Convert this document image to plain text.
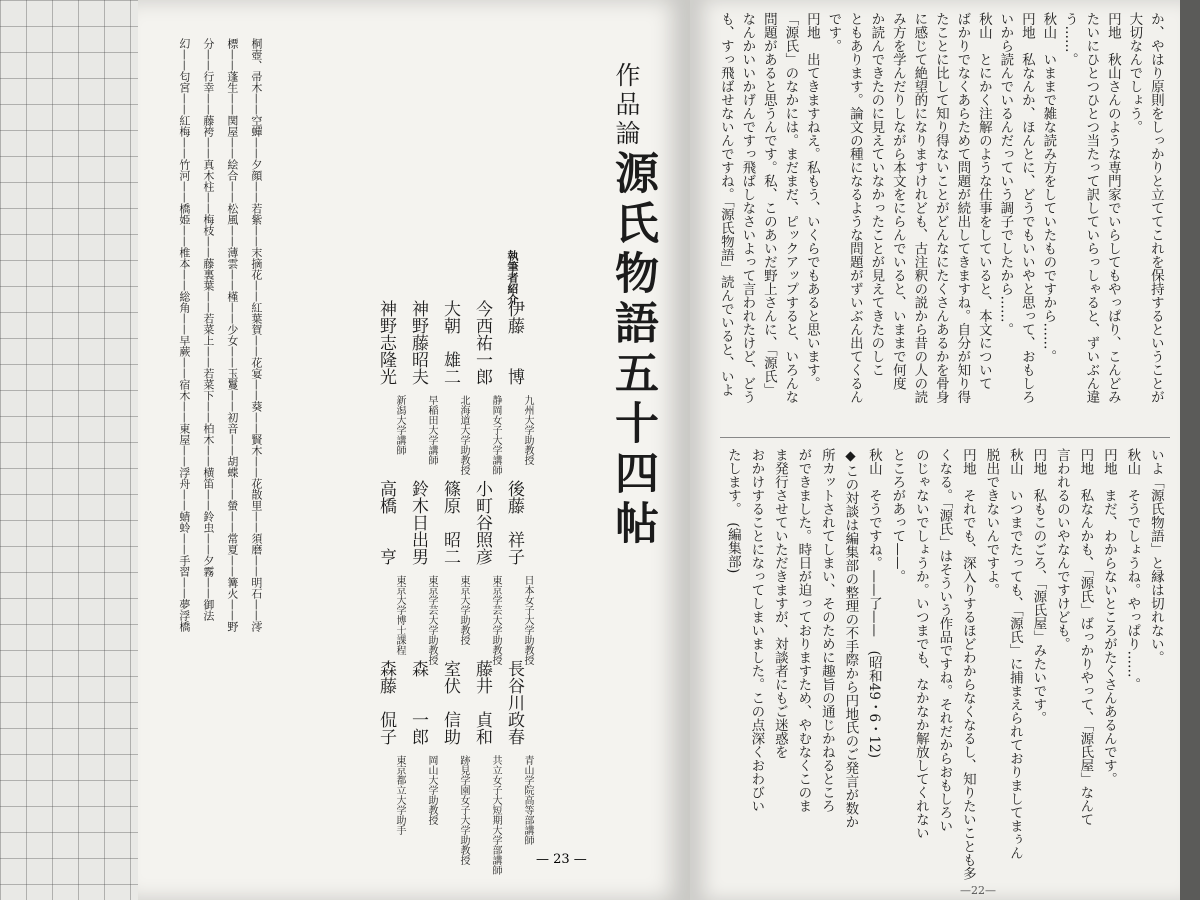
作品論
源氏物語五十四帖
執筆者紹介
伊藤　　博
九州大学助教授
後藤　祥子
日本女子大学助教授
長谷川政春
青山学院高等部講師
今西祐一郎
静岡女子大学講師
小町谷照彦
東京学芸大学助教授
藤井　貞和
共立女子大短期大学部講師
大朝　雄二
北海道大学助教授
篠原　昭二
東京大学助教授
室伏　信助
跡見学園女子大学助教授
神野藤昭夫
早稲田大学講師
鈴木日出男
東京学芸大学助教授
森　　一郎
岡山大学助教授
神野志隆光
新潟大学講師
高橋　　亨
東京大学博士課程
森藤　侃子
東京都立大学助手
桐壺、帚木——空蟬——夕顔——若紫——末摘花——紅葉賀——花宴——葵——賢木——花散里——須磨——明石——澪
標——蓬生——関屋——絵合——松風——薄雲——槿——少女——玉鬘——初音——胡蝶——螢——常夏——篝火——野
分——行幸——藤袴——真木柱——梅枝——藤裏葉——若菜上——若菜下——柏木——横笛——鈴虫——夕霧——御法
幻——匂宮——紅梅——竹河——橋姫——椎本——総角——早蕨——宿木——東屋——浮舟——蜻蛉——手習——夢浮橋
— 23 —
か、やはり原則をしっかりと立ててこれを保持するということが
大切なんでしょう。
円地　秋山さんのような専門家でいらしてもやっぱり、こんどみ
たいにひとつひとつ当たって訳していらっしゃると、ずいぶん違
う……。
秋山　いままで雑な読み方をしていたものですから……。
円地　私なんか、ほんとに、どうでもいいやと思って、おもしろ
いから読んでいるんだっていう調子でしたから……。
秋山　とにかく注解のような仕事をしていると、本文について
ばかりでなくあらためて問題が続出してきますね。自分が知り得
たことに比して知り得ないことがどんなにたくさんあるかを骨身
に感じて絶望的になりますけれども、古注釈の説から昔の人の読
み方を学んだりしながら本文をにらんでいると、いままで何度
か読んできたのに見えていなかったことが見えてきたのしこ
ともあります。論文の種になるような問題がずいぶん出てくるん
です。
円地　出てきますねえ。私もう、いくらでもあると思います。
「源氏」のなかには。まだまだ、ピックアップすると、いろんな
問題があると思うんです。私、このあいだ野上さんに、「源氏」
なんかいいかげんですっ飛ばしなさいよって言われたけど、どう
も、すっ飛ばせないんですね。「源氏物語」読んでいると、いよ
いよ「源氏物語」と縁は切れない。
秋山　そうでしょうね。やっぱり……。
円地　まだ、わからないところがたくさんあるんです。
円地　私なんかも、「源氏」ばっかりやって、「源氏屋」なんて
言われるのいやなんですけども。
円地　私もこのごろ、「源氏屋」みたいです。
秋山　いつまでたっても、「源氏」に捕まえられておりましてまぅん
脱出できないんですよ。
円地　それでも、深入りするほどわからなくなるし、知りたいことも多
くなる。「源氏」はそういう作品ですね。それだからおもしろい
のじゃないでしょうか。いつまでも、なかなか解放してくれない
ところがあって——。
秋山　そうですね。——了——　(昭和49・6・12)
◆この対談は編集部の整理の不手際から円地氏のご発言が数か
所カットされてしまい、そのために趣旨の通じかねるところ
ができました。時日が迫っておりますため、やむなくこのま
ま発行させていただきますが、対談者にもご迷惑を
おかけすることになってしまいました。この点深くおわびい
たします。　(編集部)
—22—
